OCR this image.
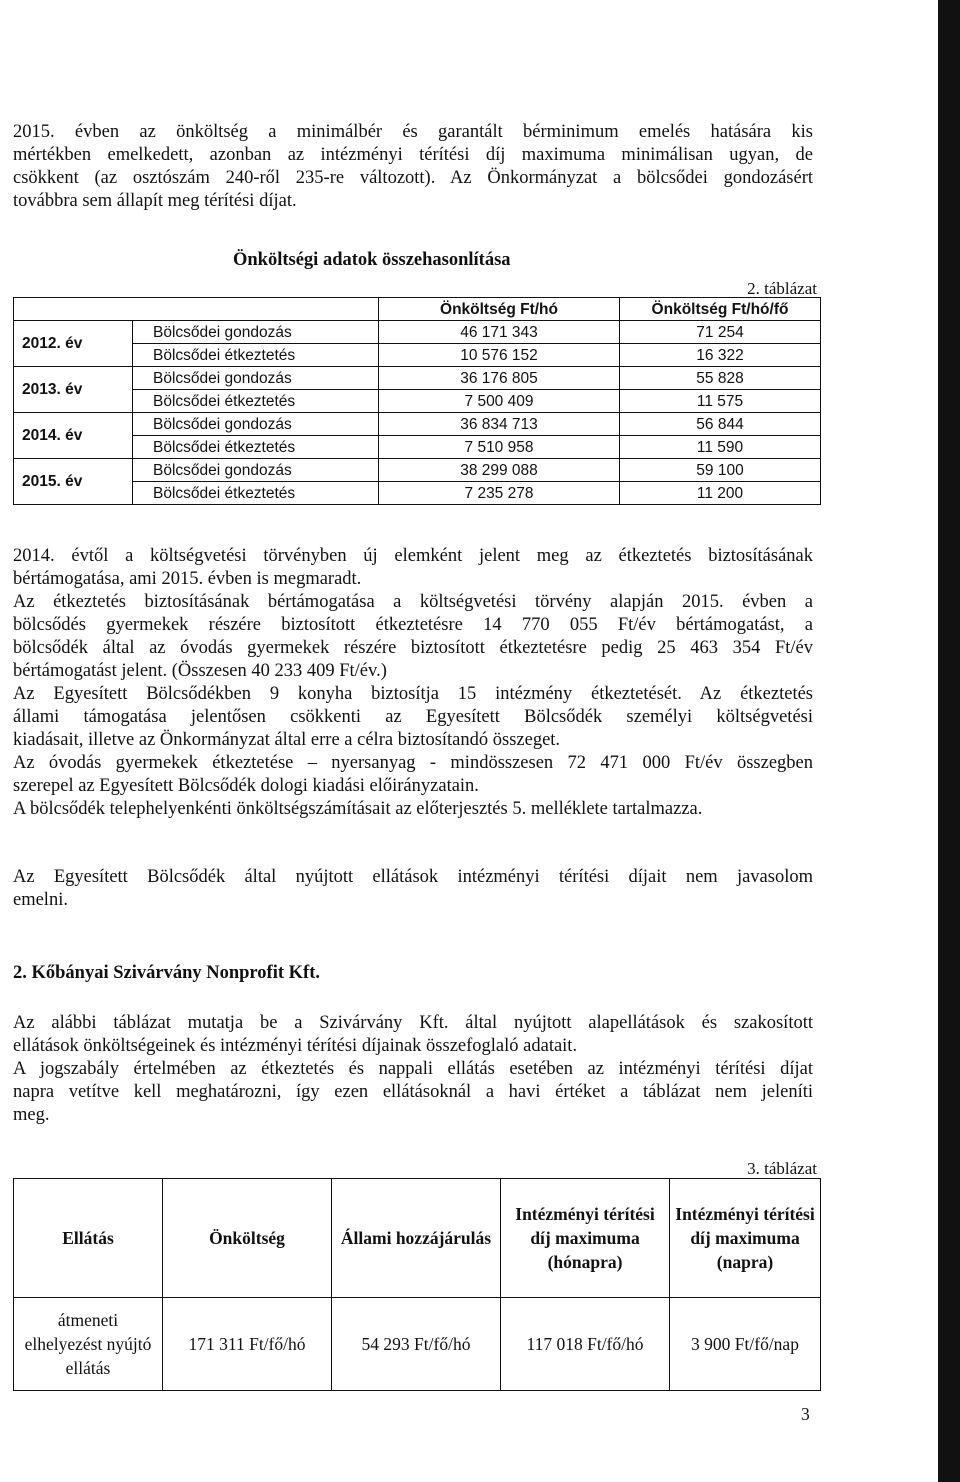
2015. évben az önköltség a minimálbér és garantált bérminimum emelés hatására kis
mértékben emelkedett, azonban az intézményi térítési díj maximuma minimálisan ugyan, de
csökkent (az osztószám 240-ről 235-re változott). Az Önkormányzat a bölcsődei gondozásért
továbbra sem állapít meg térítési díjat.
Önköltségi adatok összehasonlítása
2. táblázat
		Önköltség Ft/hó	Önköltség Ft/hó/fő
2012. év	Bölcsődei gondozás	46 171 343	71 254
	Bölcsődei étkeztetés	10 576 152	16 322
2013. év	Bölcsődei gondozás	36 176 805	55 828
	Bölcsődei étkeztetés	7 500 409	11 575
2014. év	Bölcsődei gondozás	36 834 713	56 844
	Bölcsődei étkeztetés	7 510 958	11 590
2015. év	Bölcsődei gondozás	38 299 088	59 100
	Bölcsődei étkeztetés	7 235 278	11 200
2014. évtől a költségvetési törvényben új elemként jelent meg az étkeztetés biztosításának
bértámogatása, ami 2015. évben is megmaradt.
Az étkeztetés biztosításának bértámogatása a költségvetési törvény alapján 2015. évben a
bölcsődés gyermekek részére biztosított étkeztetésre 14 770 055 Ft/év bértámogatást, a
bölcsődék által az óvodás gyermekek részére biztosított étkeztetésre pedig 25 463 354 Ft/év
bértámogatást jelent. (Összesen 40 233 409 Ft/év.)
Az Egyesített Bölcsődékben 9 konyha biztosítja 15 intézmény étkeztetését. Az étkeztetés
állami támogatása jelentősen csökkenti az Egyesített Bölcsődék személyi költségvetési
kiadásait, illetve az Önkormányzat által erre a célra biztosítandó összeget.
Az óvodás gyermekek étkeztetése – nyersanyag - mindösszesen 72 471 000 Ft/év összegben
szerepel az Egyesített Bölcsődék dologi kiadási előirányzatain.
A bölcsődék telephelyenkénti önköltségszámításait az előterjesztés 5. melléklete tartalmazza.
Az Egyesített Bölcsődék által nyújtott ellátások intézményi térítési díjait nem javasolom
emelni.
2. Kőbányai Szivárvány Nonprofit Kft.
Az alábbi táblázat mutatja be a Szivárvány Kft. által nyújtott alapellátások és szakosított
ellátások önköltségeinek és intézményi térítési díjainak összefoglaló adatait.
A jogszabály értelmében az étkeztetés és nappali ellátás esetében az intézményi térítési díjat
napra vetítve kell meghatározni, így ezen ellátásoknál a havi értéket a táblázat nem jeleníti
meg.
3. táblázat
Ellátás	Önköltség	Állami hozzájárulás	Intézményi térítési díj maximuma (hónapra)	Intézményi térítési díj maximuma (napra)
átmeneti elhelyezést nyújtó ellátás	171 311 Ft/fő/hó	54 293 Ft/fő/hó	117 018 Ft/fő/hó	3 900 Ft/fő/nap
3
